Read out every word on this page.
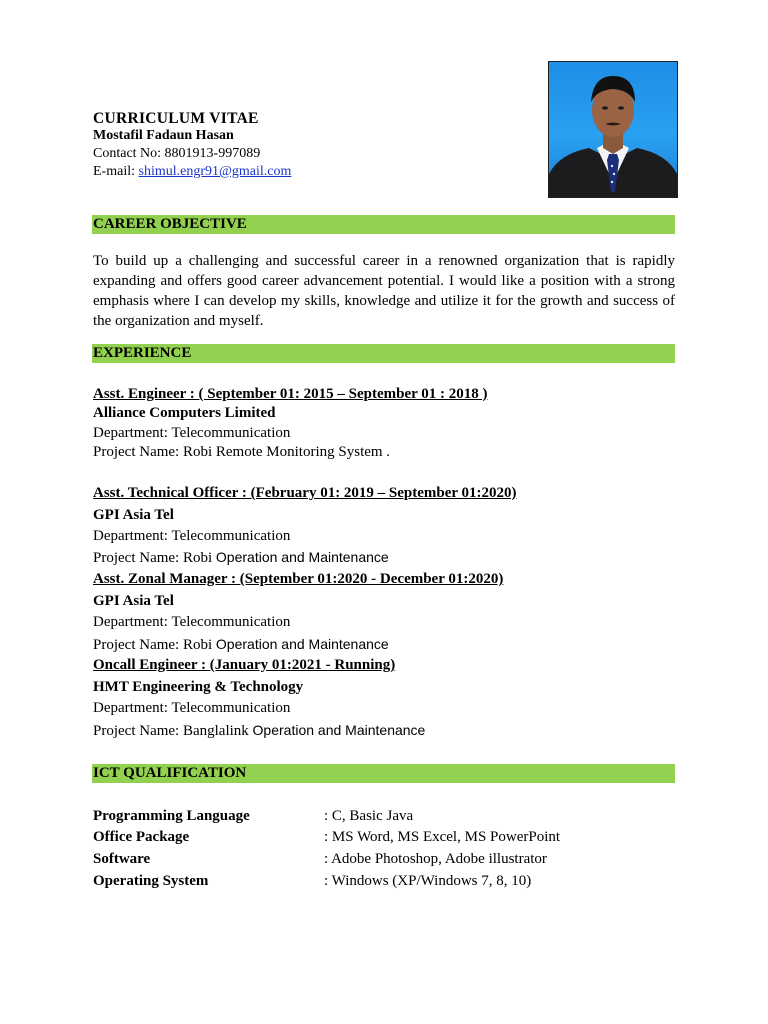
CURRICULUM VITAE
Mostafil Fadaun Hasan
Contact No: 8801913-997089
E-mail: shimul.engr91@gmail.com
CAREER OBJECTIVE
To build up a challenging and successful career in a renowned organization that is rapidly expanding and offers good career advancement potential. I would like a position with a strong emphasis where I can develop my skills, knowledge and utilize it for the growth and success of the organization and myself.
EXPERIENCE
Asst. Engineer : ( September 01: 2015 – September 01 : 2018 )
Alliance Computers Limited
Department: Telecommunication
Project Name: Robi Remote Monitoring System .
Asst. Technical Officer : (February 01: 2019 – September 01:2020)
GPI Asia Tel
Department: Telecommunication
Project Name: Robi Operation and Maintenance
Asst. Zonal Manager : (September 01:2020 - December 01:2020)
GPI Asia Tel
Department: Telecommunication
Project Name: Robi Operation and Maintenance
Oncall Engineer : (January 01:2021 - Running)
HMT Engineering & Technology
Department: Telecommunication
Project Name: Banglalink Operation and Maintenance
ICT QUALIFICATION
Programming Language	: C, Basic Java
Office Package	: MS Word, MS Excel, MS PowerPoint
Software	: Adobe Photoshop, Adobe illustrator
Operating System	: Windows (XP/Windows 7, 8, 10)
